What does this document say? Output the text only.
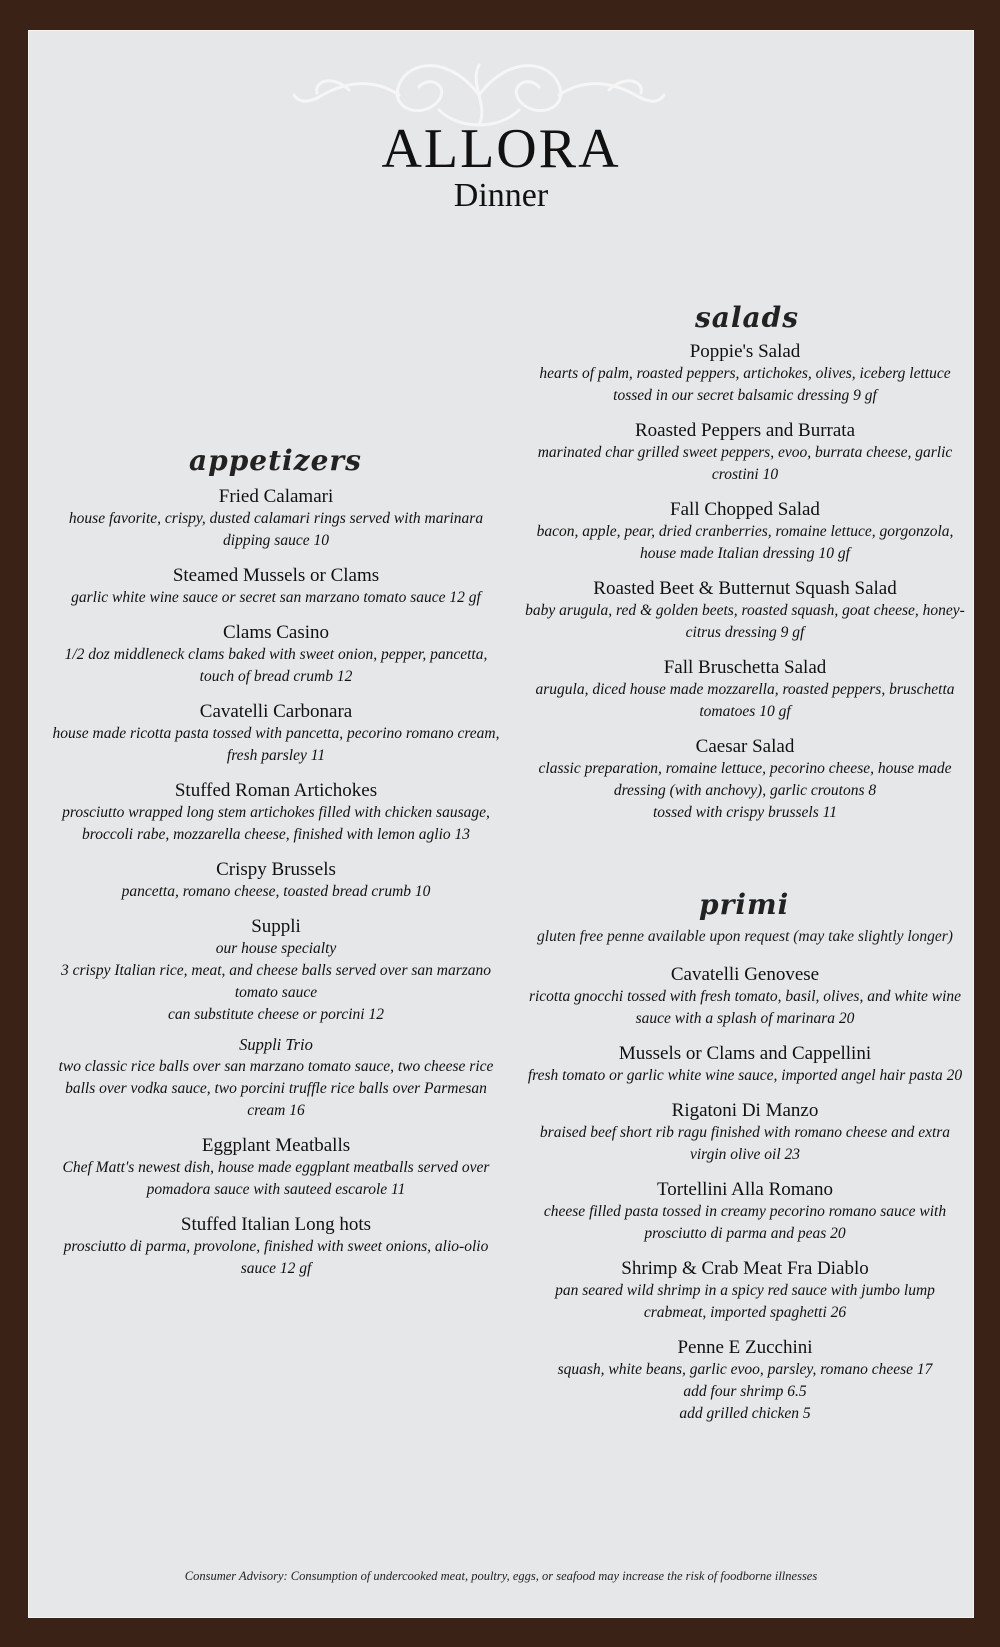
ALLORA
Dinner
appetizers
Fried Calamari
house favorite, crispy, dusted calamari rings served with marinara dipping sauce 10
Steamed Mussels or Clams
garlic white wine sauce or secret san marzano tomato sauce 12 gf
Clams Casino
1/2 doz middleneck clams baked with sweet onion, pepper, pancetta, touch of bread crumb 12
Cavatelli Carbonara
house made ricotta pasta tossed with pancetta, pecorino romano cream, fresh parsley 11
Stuffed Roman Artichokes
prosciutto wrapped long stem artichokes filled with chicken sausage, broccoli rabe, mozzarella cheese, finished with lemon aglio 13
Crispy Brussels
pancetta, romano cheese, toasted bread crumb 10
Suppli
our house specialty
3 crispy Italian rice, meat, and cheese balls served over san marzano tomato sauce
can substitute cheese or porcini 12
Suppli Trio
two classic rice balls over san marzano tomato sauce, two cheese rice balls over vodka sauce, two porcini truffle rice balls over Parmesan cream 16
Eggplant Meatballs
Chef Matt's newest dish, house made eggplant meatballs served over pomadora sauce with sauteed escarole 11
Stuffed Italian Long hots
prosciutto di parma, provolone, finished with sweet onions, alio-olio sauce 12 gf
salads
Poppie's Salad
hearts of palm, roasted peppers, artichokes, olives, iceberg lettuce tossed in our secret balsamic dressing 9 gf
Roasted Peppers and Burrata
marinated char grilled sweet peppers, evoo, burrata cheese, garlic crostini 10
Fall Chopped Salad
bacon, apple, pear, dried cranberries, romaine lettuce, gorgonzola, house made Italian dressing 10 gf
Roasted Beet & Butternut Squash Salad
baby arugula, red & golden beets, roasted squash, goat cheese, honey-citrus dressing 9 gf
Fall Bruschetta Salad
arugula, diced house made mozzarella, roasted peppers, bruschetta tomatoes 10 gf
Caesar Salad
classic preparation, romaine lettuce, pecorino cheese, house made dressing (with anchovy), garlic croutons 8
tossed with crispy brussels 11
primi
gluten free penne available upon request (may take slightly longer)
Cavatelli Genovese
ricotta gnocchi tossed with fresh tomato, basil, olives, and white wine sauce with a splash of marinara 20
Mussels or Clams and Cappellini
fresh tomato or garlic white wine sauce, imported angel hair pasta 20
Rigatoni Di Manzo
braised beef short rib ragu finished with romano cheese and extra virgin olive oil 23
Tortellini Alla Romano
cheese filled pasta tossed in creamy pecorino romano sauce with prosciutto di parma and peas 20
Shrimp & Crab Meat Fra Diablo
pan seared wild shrimp in a spicy red sauce with jumbo lump crabmeat, imported spaghetti 26
Penne E Zucchini
squash, white beans, garlic evoo, parsley, romano cheese 17
add four shrimp 6.5
add grilled chicken 5
Consumer Advisory: Consumption of undercooked meat, poultry, eggs, or seafood may increase the risk of foodborne illnesses
